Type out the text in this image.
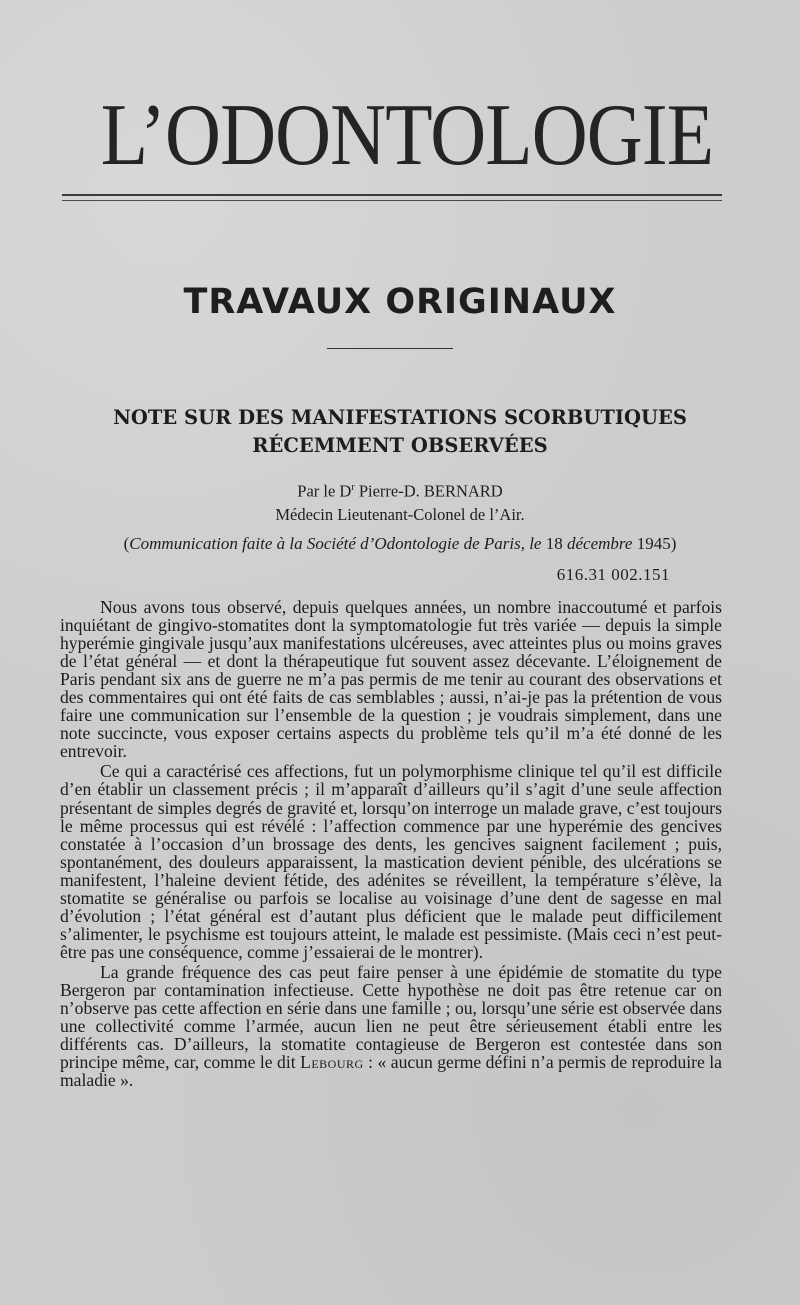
L’ODONTOLOGIE
TRAVAUX ORIGINAUX
NOTE SUR DES MANIFESTATIONS SCORBUTIQUES
RÉCEMMENT OBSERVÉES
Par le $D^r$ Pierre-D. BERNARD
Médecin Lieutenant-Colonel de l’Air.
(Communication faite à la Société d’Odontologie de Paris, le 18 décembre 1945)
616.31 002.151

Nous avons tous observé, depuis quelques années, un nombre inaccoutumé et parfois inquiétant de gingivo-stomatites dont la symptomatologie fut très variée — depuis la simple hyperémie gingivale jusqu’aux manifestations ulcéreuses, avec atteintes plus ou moins graves de l’état général — et dont la thérapeutique fut souvent assez décevante. L’éloignement de Paris pendant six ans de guerre ne m’a pas permis de me tenir au courant des observations et des commentaires qui ont été faits de cas semblables ; aussi, n’ai-je pas la prétention de vous faire une communication sur l’ensemble de la question ; je voudrais simplement, dans une note succincte, vous exposer certains aspects du problème tels qu’il m’a été donné de les entrevoir.

Ce qui a caractérisé ces affections, fut un polymorphisme clinique tel qu’il est difficile d’en établir un classement précis ; il m’apparaît d’ailleurs qu’il s’agit d’une seule affection présentant de simples degrés de gravité et, lorsqu’on interroge un malade grave, c’est toujours le même processus qui est révélé : l’affection commence par une hyperémie des gencives constatée à l’occasion d’un brossage des dents, les gencives saignent facilement ; puis, spontanément, des douleurs apparaissent, la mastication devient pénible, des ulcérations se manifestent, l’haleine devient fétide, des adénites se réveillent, la température s’élève, la stomatite se généralise ou parfois se localise au voisinage d’une dent de sagesse en mal d’évolution ; l’état général est d’autant plus déficient que le malade peut difficilement s’alimenter, le psychisme est toujours atteint, le malade est pessimiste. (Mais ceci n’est peut-être pas une conséquence, comme j’essaierai de le montrer).

La grande fréquence des cas peut faire penser à une épidémie de stomatite du type Bergeron par contamination infectieuse. Cette hypothèse ne doit pas être retenue car on n’observe pas cette affection en série dans une famille ; ou, lorsqu’une série est observée dans une collectivité comme l’armée, aucun lien ne peut être sérieusement établi entre les différents cas. D’ailleurs, la stomatite contagieuse de Bergeron est contestée dans son principe même, car, comme le dit Lebourg : « aucun germe défini n’a permis de reproduire la maladie ».
